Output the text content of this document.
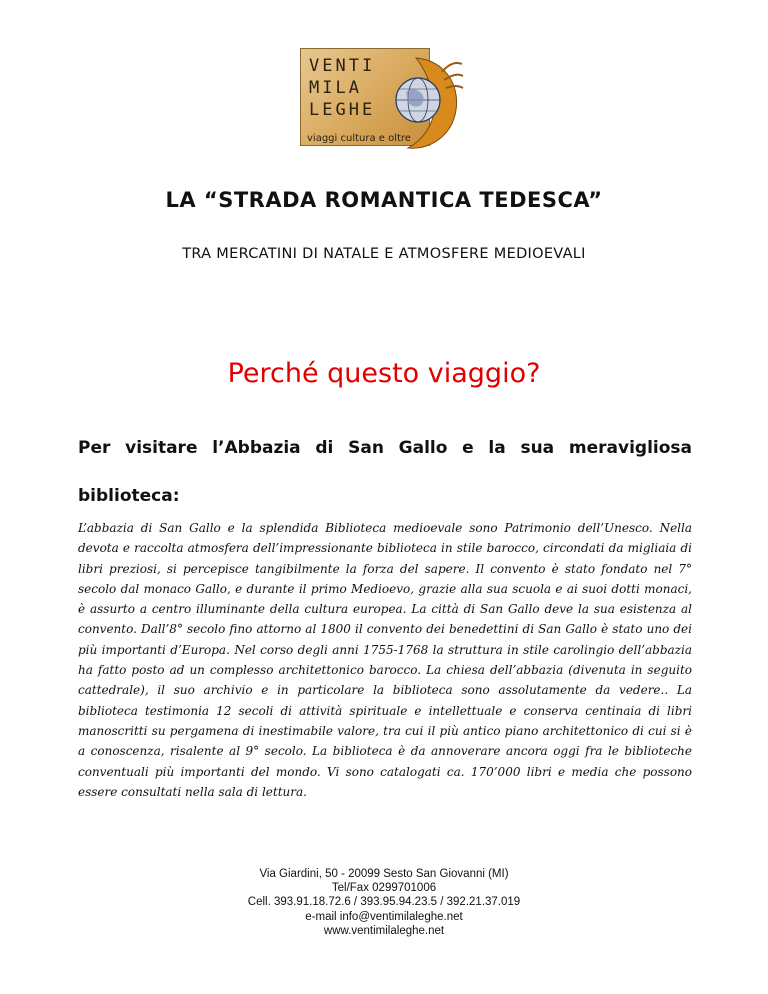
VENTI
MILA
LEGHE
viaggi cultura e oltre
LA “STRADA ROMANTICA TEDESCA”
TRA MERCATINI DI NATALE E ATMOSFERE MEDIOEVALI
Perché questo viaggio?
Per visitare l’Abbazia di San Gallo e la sua meravigliosa biblioteca:
L’abbazia di San Gallo e la splendida Biblioteca medioevale sono Patrimonio dell’Unesco. Nella devota e raccolta atmosfera dell’impressionante biblioteca in stile barocco, circondati da migliaia di libri preziosi, si percepisce tangibilmente la forza del sapere. Il convento è stato fondato nel 7° secolo dal monaco Gallo, e durante il primo Medioevo, grazie alla sua scuola e ai suoi dotti monaci, è assurto a centro illuminante della cultura europea. La città di San Gallo deve la sua esistenza al convento. Dall’8° secolo fino attorno al 1800 il convento dei benedettini di San Gallo è stato uno dei più importanti d’Europa. Nel corso degli anni 1755-1768 la struttura in stile carolingio dell’abbazia ha fatto posto ad un complesso architettonico barocco. La chiesa dell’abbazia (divenuta in seguito cattedrale), il suo archivio e in particolare la biblioteca sono assolutamente da vedere.. La biblioteca testimonia 12 secoli di attività spirituale e intellettuale e conserva centinaia di libri manoscritti su pergamena di inestimabile valore, tra cui il più antico piano architettonico di cui si è a conoscenza, risalente al 9° secolo. La biblioteca è da annoverare ancora oggi fra le biblioteche conventuali più importanti del mondo. Vi sono catalogati ca. 170’000 libri e media che possono essere consultati nella sala di lettura.
Via Giardini, 50 - 20099 Sesto San Giovanni (MI)
Tel/Fax 0299701006
Cell. 393.91.18.72.6 / 393.95.94.23.5 / 392.21.37.019
e-mail info@ventimilaleghe.net
www.ventimilaleghe.net
